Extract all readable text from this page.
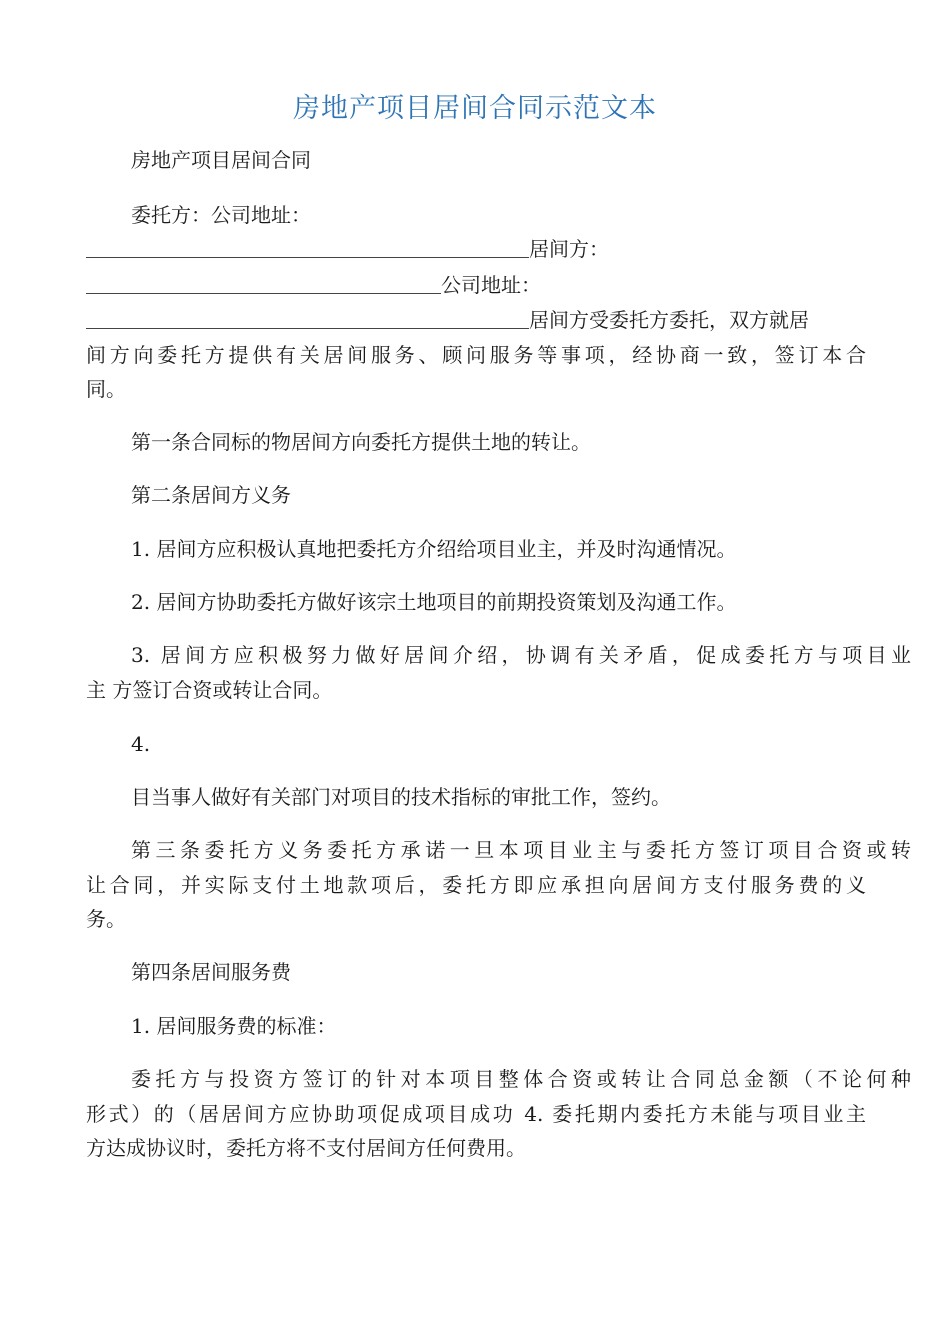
房地产项目居间合同示范文本
房地产项目居间合同
委托方：公司地址：
居间方：
公司地址：
居间方受委托方委托，双方就居
间方向委托方提供有关居间服务、顾问服务等事项，经协商一致，签订本合
同。
第一条合同标的物居间方向委托方提供土地的转让。
第二条居间方义务
1. 居间方应积极认真地把委托方介绍给项目业主，并及时沟通情况。
2. 居间方协助委托方做好该宗土地项目的前期投资策划及沟通工作。
3. 居间方应积极努力做好居间介绍，协调有关矛盾，促成委托方与项目业
主 方签订合资或转让合同。
4.
目当事人做好有关部门对项目的技术指标的审批工作，签约。
第三条委托方义务委托方承诺一旦本项目业主与委托方签订项目合资或转
让合同，并实际支付土地款项后，委托方即应承担向居间方支付服务费的义
务。
第四条居间服务费
1. 居间服务费的标准：
委托方与投资方签订的针对本项目整体合资或转让合同总金额（不论何种
形式）的（居居间方应协助项促成项目成功 4. 委托期内委托方未能与项目业主
方达成协议时，委托方将不支付居间方任何费用。
